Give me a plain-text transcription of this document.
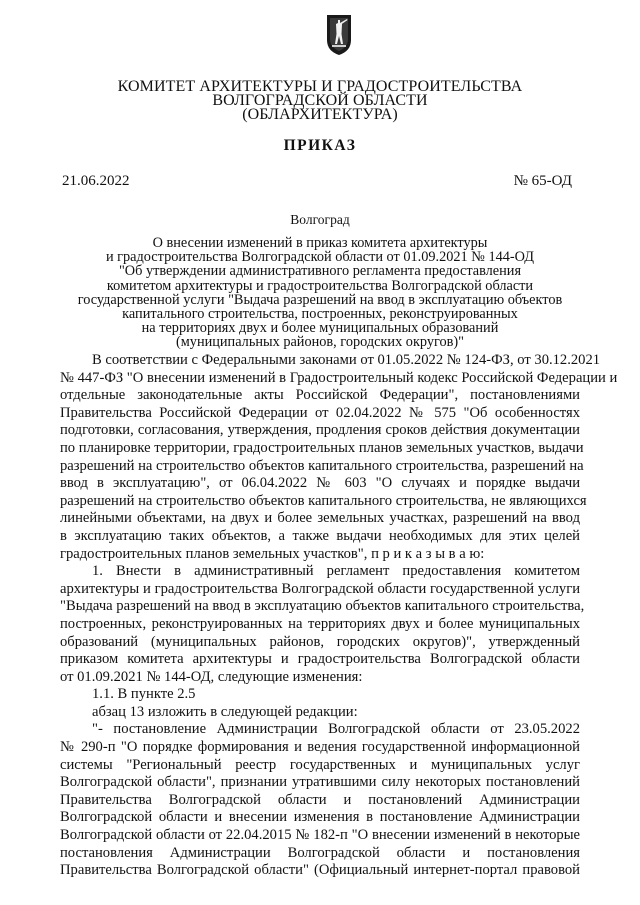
КОМИТЕТ АРХИТЕКТУРЫ И ГРАДОСТРОИТЕЛЬСТВА
ВОЛГОГРАДСКОЙ ОБЛАСТИ
(ОБЛАРХИТЕКТУРА)
ПРИКАЗ
21.06.2022	№ 65-ОД
Волгоград
О внесении изменений в приказ комитета архитектуры
и градостроительства Волгоградской области от 01.09.2021 № 144-ОД
"Об утверждении административного регламента предоставления
комитетом архитектуры и градостроительства Волгоградской области
государственной услуги "Выдача разрешений на ввод в эксплуатацию объектов
капитального строительства, построенных, реконструированных
на территориях двух и более муниципальных образований
(муниципальных районов, городских округов)"
В соответствии с Федеральными законами от 01.05.2022 № 124-ФЗ, от 30.12.2021
№ 447-ФЗ "О внесении изменений в Градостроительный кодекс Российской Федерации и
отдельные законодательные акты Российской Федерации", постановлениями
Правительства Российской Федерации от 02.04.2022 № 575 "Об особенностях
подготовки, согласования, утверждения, продления сроков действия документации
по планировке территории, градостроительных планов земельных участков, выдачи
разрешений на строительство объектов капитального строительства, разрешений на
ввод в эксплуатацию", от 06.04.2022 № 603 "О случаях и порядке выдачи
разрешений на строительство объектов капитального строительства, не являющихся
линейными объектами, на двух и более земельных участках, разрешений на ввод
в эксплуатацию таких объектов, а также выдачи необходимых для этих целей
градостроительных планов земельных участков", п р и к а з ы в а ю:
1. Внести в административный регламент предоставления комитетом
архитектуры и градостроительства Волгоградской области государственной услуги
"Выдача разрешений на ввод в эксплуатацию объектов капитального строительства,
построенных, реконструированных на территориях двух и более муниципальных
образований (муниципальных районов, городских округов)", утвержденный
приказом комитета архитектуры и градостроительства Волгоградской области
от 01.09.2021 № 144-ОД, следующие изменения:
1.1. В пункте 2.5
абзац 13 изложить в следующей редакции:
"- постановление Администрации Волгоградской области от 23.05.2022
№ 290-п "О порядке формирования и ведения государственной информационной
системы "Региональный реестр государственных и муниципальных услуг
Волгоградской области", признании утратившими силу некоторых постановлений
Правительства Волгоградской области и постановлений Администрации
Волгоградской области и внесении изменения в постановление Администрации
Волгоградской области от 22.04.2015 № 182-п "О внесении изменений в некоторые
постановления Администрации Волгоградской области и постановления
Правительства Волгоградской области" (Официальный интернет-портал правовой
